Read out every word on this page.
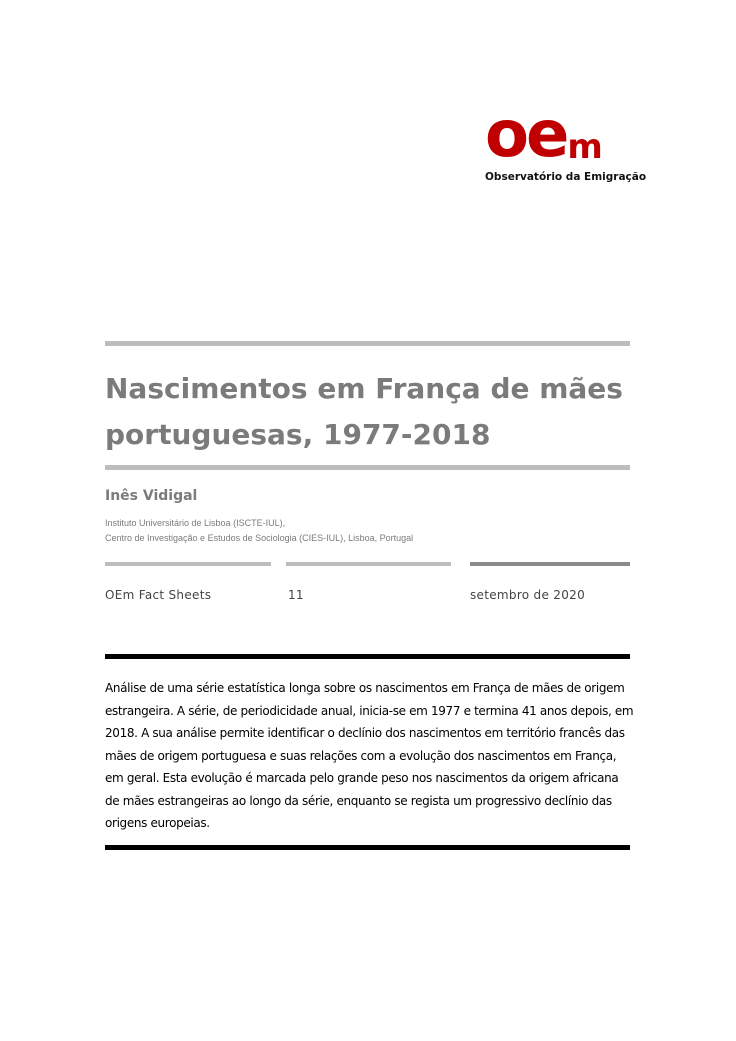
oem
Observatório da Emigração
Nascimentos em França de mães portuguesas, 1977-2018
Inês Vidigal
Instituto Universitário de Lisboa (ISCTE-IUL),
Centro de Investigação e Estudos de Sociologia (CIES-IUL), Lisboa, Portugal
OEm Fact Sheets	11	setembro de 2020
Análise de uma série estatística longa sobre os nascimentos em França de mães de origem estrangeira. A série, de periodicidade anual, inicia-se em 1977 e termina 41 anos depois, em 2018. A sua análise permite identificar o declínio dos nascimentos em território francês das mães de origem portuguesa e suas relações com a evolução dos nascimentos em França, em geral. Esta evolução é marcada pelo grande peso nos nascimentos da origem africana de mães estrangeiras ao longo da série, enquanto se regista um progressivo declínio das origens europeias.
